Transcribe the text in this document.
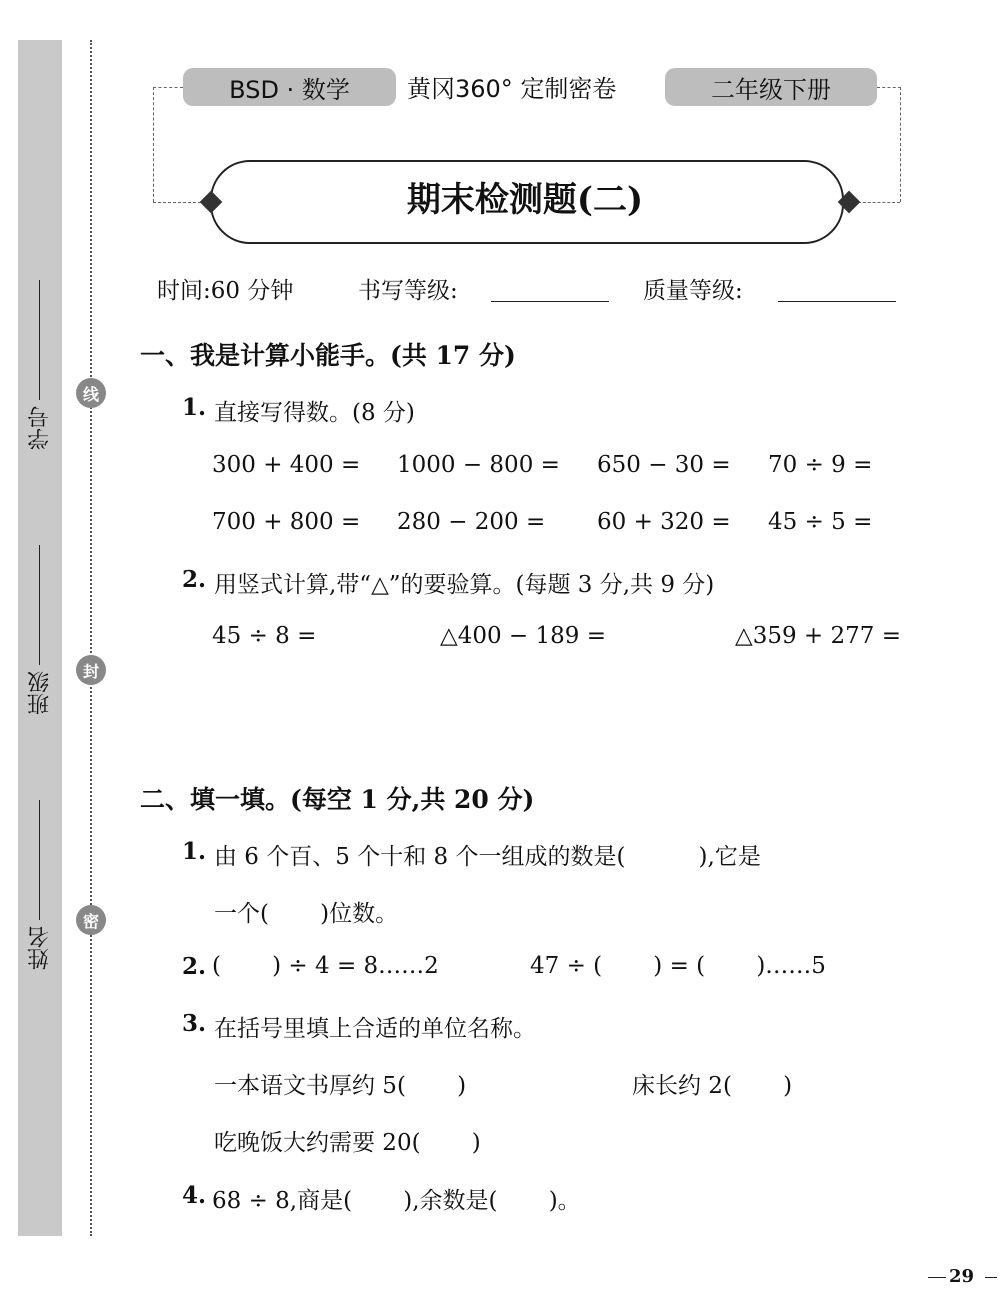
学号
班级
姓名
线
封
密
BSD · 数学	黄冈360° 定制密卷	二年级下册
期末检测题(二)
时间:60 分钟	书写等级:	质量等级:
一、我是计算小能手。(共 17 分)
1. 直接写得数。(8 分)
300 + 400 = 1000 − 800 = 650 − 30 = 70 ÷ 9 =
700 + 800 = 280 − 200 = 60 + 320 = 45 ÷ 5 =
2. 用竖式计算,带“△”的要验算。(每题 3 分,共 9 分)
45 ÷ 8 =	△400 − 189 =	△359 + 277 =
二、填一填。(每空 1 分,共 20 分)
1. 由 6 个百、5 个十和 8 个一组成的数是(          ),它是
一个(       )位数。
2. (       ) ÷ 4 = 8……2	47 ÷ (       ) = (       )……5
3. 在括号里填上合适的单位名称。
一本语文书厚约 5(       )	床长约 2(       )
吃晚饭大约需要 20(       )
4. 68 ÷ 8,商是(       ),余数是(       )。
29
